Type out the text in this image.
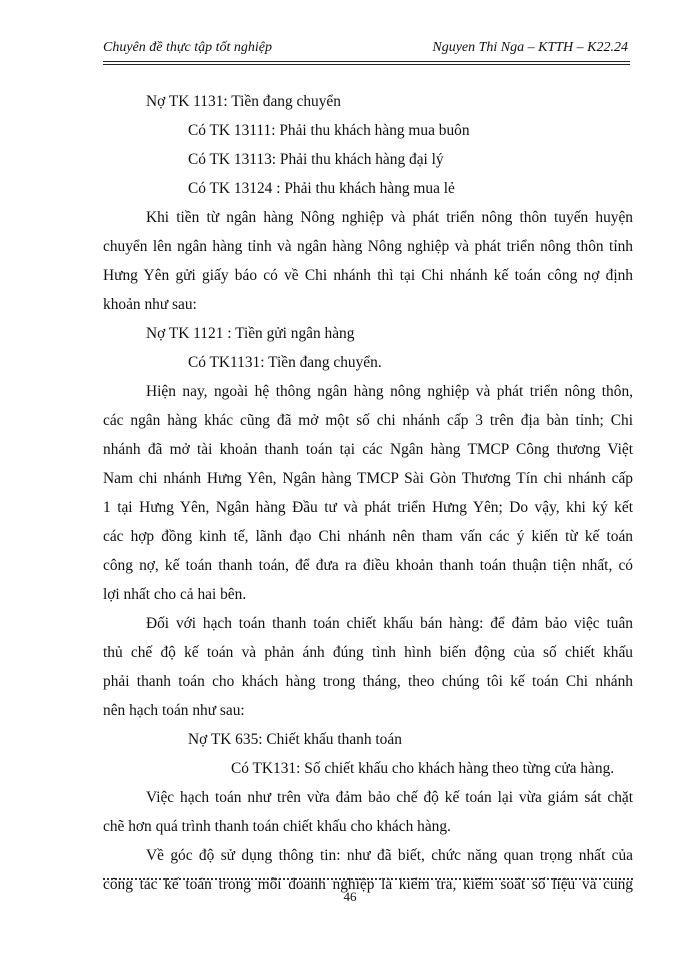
Chuyên đề thực tập tốt nghiệp	Nguyen Thi Nga – KTTH – K22.24
Nợ TK 1131: Tiền đang chuyển
Có TK 13111: Phải thu khách hàng mua buôn
Có TK 13113: Phải thu khách hàng đại lý
Có TK 13124 : Phải thu khách hàng mua lẻ
Khi tiền từ ngân hàng Nông nghiệp và phát triển nông thôn tuyến huyện
chuyển lên ngân hàng tỉnh và ngân hàng Nông nghiệp và phát triển nông thôn tỉnh
Hưng Yên gửi giấy báo có về Chi nhánh thì tại Chi nhánh kế toán công nợ định
khoản như sau:
Nợ TK 1121 : Tiền gửi ngân hàng
Có TK1131: Tiền đang chuyển.
Hiện nay, ngoài hệ thông ngân hàng nông nghiệp và phát triển nông thôn,
các ngân hàng khác cũng đã mở một số chi nhánh cấp 3 trên địa bàn tỉnh; Chi
nhánh đã mở tài khoản thanh toán tại các Ngân hàng TMCP Công thương Việt
Nam chi nhánh Hưng Yên, Ngân hàng TMCP Sài Gòn Thương Tín chi nhánh cấp
1 tại Hưng Yên, Ngân hàng Đầu tư và phát triển Hưng Yên; Do vậy, khi ký kết
các hợp đồng kinh tế, lãnh đạo Chi nhánh nên tham vấn các ý kiến từ kế toán
công nợ, kế toán thanh toán, để đưa ra điều khoản thanh toán thuận tiện nhất, có
lợi nhất cho cả hai bên.
Đối với hạch toán thanh toán chiết khấu bán hàng: để đảm bảo việc tuân
thủ chế độ kế toán và phản ánh đúng tình hình biến động của số chiết khấu
phải thanh toán cho khách hàng trong tháng, theo chúng tôi kế toán Chi nhánh
nên hạch toán như sau:
Nợ TK 635: Chiết khấu thanh toán
Có TK131: Số chiết khấu cho khách hàng theo từng cửa hàng.
Việc hạch toán như trên vừa đảm bảo chế độ kế toán lại vừa giám sát chặt
chẽ hơn quá trình thanh toán chiết khấu cho khách hàng.
Về góc độ sử dụng thông tin: như đã biết, chức năng quan trọng nhất của
công tác kế toán trong mỗi doanh nghiệp là kiểm tra, kiểm soát số liệu và cung
46
